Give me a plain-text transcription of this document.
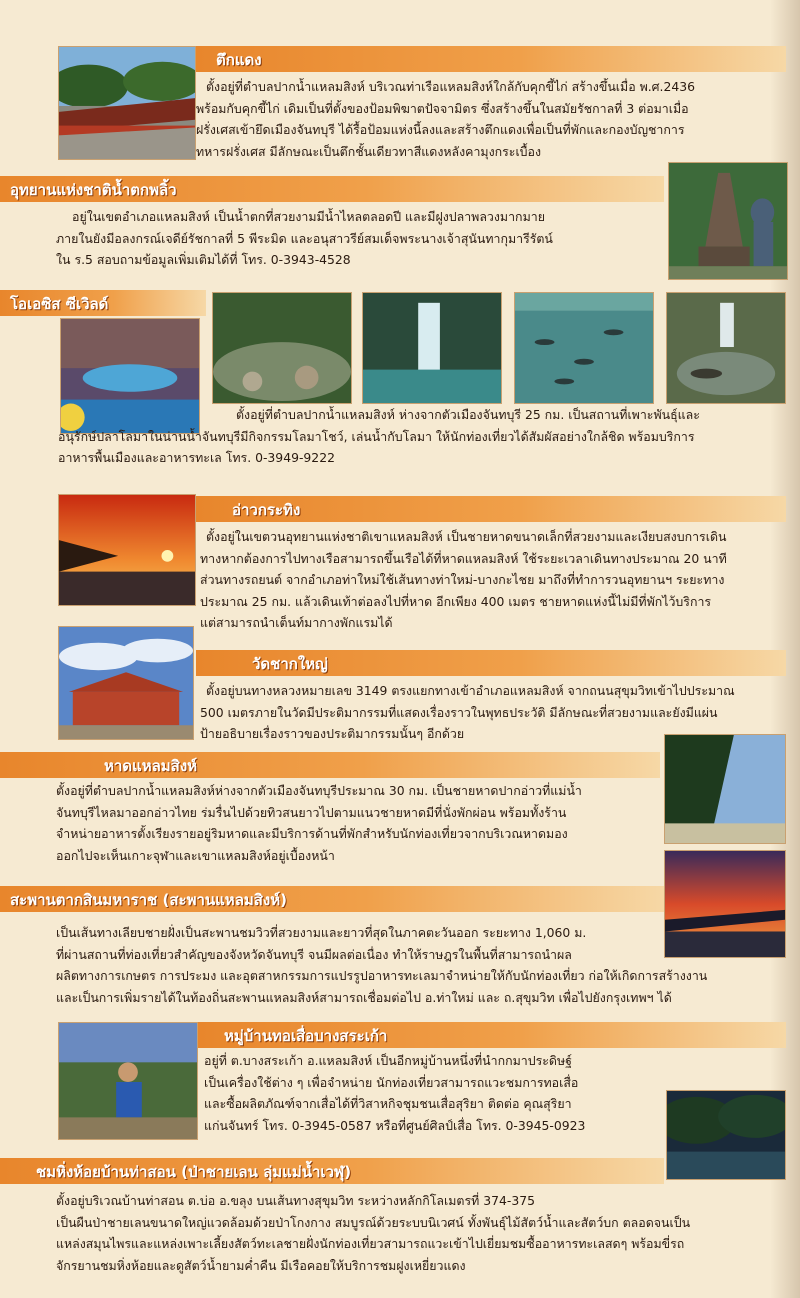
ตึกแดง

ตั้งอยู่ที่ตำบลปากน้ำแหลมสิงห์ บริเวณท่าเรือแหลมสิงห์ใกล้กับคุกขี้ไก่ สร้างขึ้นเมื่อ พ.ศ.2436

พร้อมกับคุกขี้ไก่ เดิมเป็นที่ตั้งของป้อมพิฆาตปัจจามิตร ซึ่งสร้างขึ้นในสมัยรัชกาลที่ 3 ต่อมาเมื่อ

ฝรั่งเศสเข้ายึดเมืองจันทบุรี ได้รื้อป้อมแห่งนี้ลงและสร้างตึกแดงเพื่อเป็นที่พักและกองบัญชาการ

ทหารฝรั่งเศส มีลักษณะเป็นตึกชั้นเดียวทาสีแดงหลังคามุงกระเบื้อง

อุทยานแห่งชาติน้ำตกพลิ้ว

อยู่ในเขตอำเภอแหลมสิงห์ เป็นน้ำตกที่สวยงามมีน้ำไหลตลอดปี และมีฝูงปลาพลวงมากมาย

ภายในยังมีอลงกรณ์เจดีย์รัชกาลที่ 5 พีระมิด และอนุสาวรีย์สมเด็จพระนางเจ้าสุนันทากุมารีรัตน์

ใน ร.5 สอบถามข้อมูลเพิ่มเติมได้ที่ โทร. 0-3943-4528

โอเอซิส ซีเวิลด์

ตั้งอยู่ที่ตำบลปากน้ำแหลมสิงห์ ห่างจากตัวเมืองจันทบุรี 25 กม. เป็นสถานที่เพาะพันธุ์และ

อนุรักษ์ปลาโลมาในน่านน้ำจันทบุรีมีกิจกรรมโลมาโชว์, เล่นน้ำกับโลมา ให้นักท่องเที่ยวได้สัมผัสอย่างใกล้ชิด พร้อมบริการ

อาหารพื้นเมืองและอาหารทะเล โทร. 0-3949-9222

อ่าวกระทิง

ตั้งอยู่ในเขตวนอุทยานแห่งชาติเขาแหลมสิงห์ เป็นชายหาดขนาดเล็กที่สวยงามและเงียบสงบการเดิน

ทางหากต้องการไปทางเรือสามารถขึ้นเรือได้ที่หาดแหลมสิงห์ ใช้ระยะเวลาเดินทางประมาณ 20 นาที

ส่วนทางรถยนต์ จากอำเภอท่าใหม่ใช้เส้นทางท่าใหม่-บางกะไชย มาถึงที่ทำการวนอุทยานฯ ระยะทาง

ประมาณ 25 กม. แล้วเดินเท้าต่อลงไปที่หาด อีกเพียง 400 เมตร ชายหาดแห่งนี้ไม่มีที่พักไว้บริการ

แต่สามารถนำเต็นท์มากางพักแรมได้

วัดชากใหญ่

ตั้งอยู่บนทางหลวงหมายเลข 3149 ตรงแยกทางเข้าอำเภอแหลมสิงห์ จากถนนสุขุมวิทเข้าไปประมาณ

500 เมตรภายในวัดมีประติมากรรมที่แสดงเรื่องราวในพุทธประวัติ มีลักษณะที่สวยงามและยังมีแผ่น

ป้ายอธิบายเรื่องราวของประติมากรรมนั้นๆ อีกด้วย

หาดแหลมสิงห์

ตั้งอยู่ที่ตำบลปากน้ำแหลมสิงห์ห่างจากตัวเมืองจันทบุรีประมาณ 30 กม. เป็นชายหาดปากอ่าวที่แม่น้ำ

จันทบุรีไหลมาออกอ่าวไทย ร่มรื่นไปด้วยทิวสนยาวไปตามแนวชายหาดมีที่นั่งพักผ่อน พร้อมทั้งร้าน

จำหน่ายอาหารตั้งเรียงรายอยู่ริมหาดและมีบริการด้านที่พักสำหรับนักท่องเที่ยวจากบริเวณหาดมอง

ออกไปจะเห็นเกาะจุฬาและเขาแหลมสิงห์อยู่เบื้องหน้า

สะพานตากสินมหาราช (สะพานแหลมสิงห์)

เป็นเส้นทางเลียบชายฝั่งเป็นสะพานชมวิวที่สวยงามและยาวที่สุดในภาคตะวันออก ระยะทาง 1,060 ม.

ที่ผ่านสถานที่ท่องเที่ยวสำคัญของจังหวัดจันทบุรี จนมีผลต่อเนื่อง ทำให้ราษฎรในพื้นที่สามารถนำผล

ผลิตทางการเกษตร การประมง และอุตสาหกรรมการแปรรูปอาหารทะเลมาจำหน่ายให้กับนักท่องเที่ยว ก่อให้เกิดการสร้างงาน

และเป็นการเพิ่มรายได้ในท้องถิ่นสะพานแหลมสิงห์สามารถเชื่อมต่อไป อ.ท่าใหม่ และ ถ.สุขุมวิท เพื่อไปยังกรุงเทพฯ ได้

หมู่บ้านทอเสื่อบางสระเก้า

อยู่ที่ ต.บางสระเก้า อ.แหลมสิงห์ เป็นอีกหมู่บ้านหนึ่งที่นำกกมาประดิษฐ์

เป็นเครื่องใช้ต่าง ๆ เพื่อจำหน่าย นักท่องเที่ยวสามารถแวะชมการทอเสื่อ

และซื้อผลิตภัณฑ์จากเสื่อได้ที่วิสาหกิจชุมชนเสื่อสุริยา ติดต่อ คุณสุริยา

แก่นจันทร์ โทร. 0-3945-0587 หรือที่ศูนย์ศิลป์เสื่อ โทร. 0-3945-0923

ชมหิ่งห้อยบ้านท่าสอน (ป่าชายเลน ลุ่มแม่น้ำเวฬุ)

ตั้งอยู่บริเวณบ้านท่าสอน ต.บ่อ อ.ขลุง บนเส้นทางสุขุมวิท ระหว่างหลักกิโลเมตรที่ 374-375

เป็นผืนป่าชายเลนขนาดใหญ่แวดล้อมด้วยป่าโกงกาง สมบูรณ์ด้วยระบบนิเวศน์ ทั้งพันธุ์ไม้สัตว์น้ำและสัตว์บก ตลอดจนเป็น

แหล่งสมุนไพรและแหล่งเพาะเลี้ยงสัตว์ทะเลชายฝั่งนักท่องเที่ยวสามารถแวะเข้าไปเยี่ยมชมซื้ออาหารทะเลสดๆ พร้อมขี่รถ

จักรยานชมหิ่งห้อยและดูสัตว์น้ำยามค่ำคืน มีเรือคอยให้บริการชมฝูงเหยี่ยวแดง
